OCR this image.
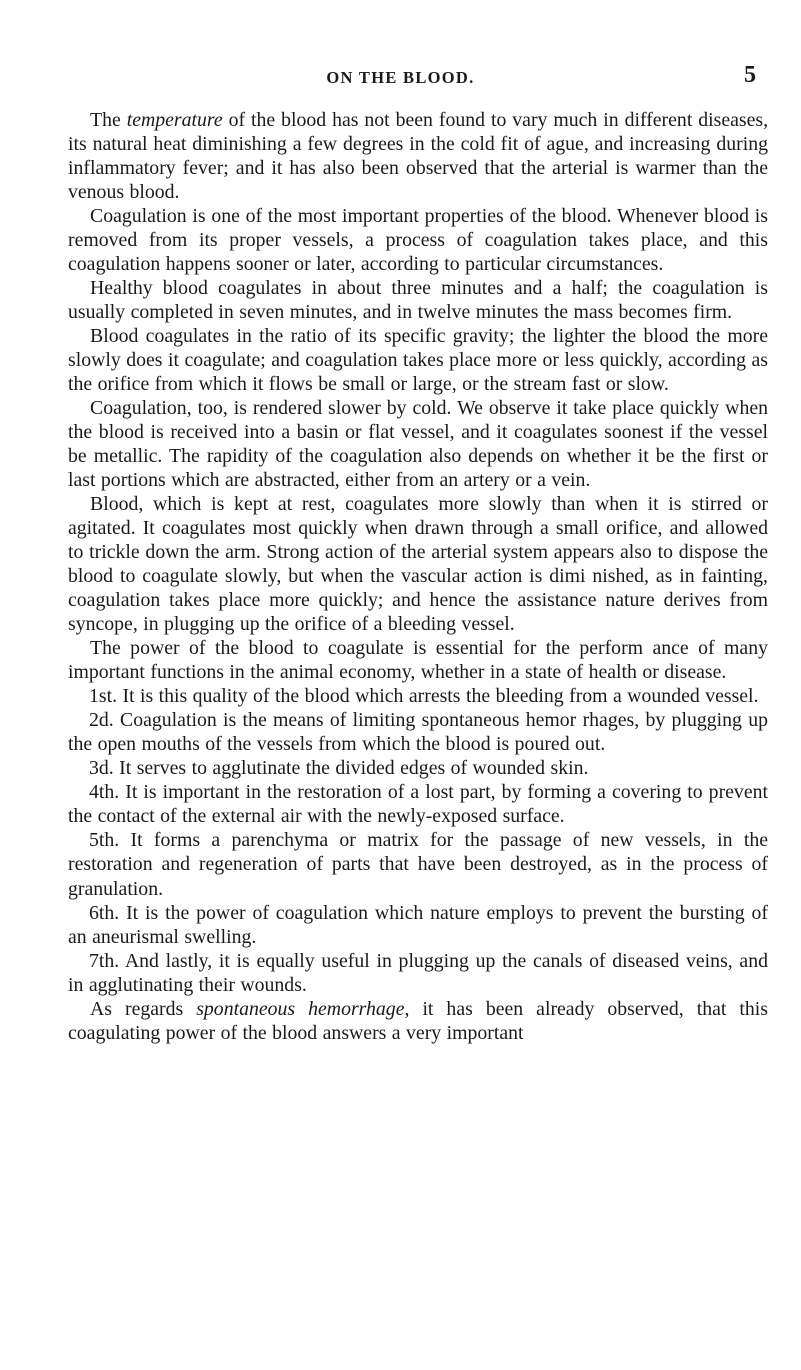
ON THE BLOOD.	5

The temperature of the blood has not been found to vary much in different diseases, its natural heat diminishing a few degrees in the cold fit of ague, and increasing during inflammatory fever; and it has also been observed that the arterial is warmer than the venous blood.

Coagulation is one of the most important properties of the blood. Whenever blood is removed from its proper vessels, a process of coagulation takes place, and this coagulation happens sooner or later, according to particular circumstances.

Healthy blood coagulates in about three minutes and a half; the coagulation is usually completed in seven minutes, and in twelve minutes the mass becomes firm.

Blood coagulates in the ratio of its specific gravity; the lighter the blood the more slowly does it coagulate; and coagulation takes place more or less quickly, according as the orifice from which it flows be small or large, or the stream fast or slow.

Coagulation, too, is rendered slower by cold. We observe it take place quickly when the blood is received into a basin or flat vessel, and it coagulates soonest if the vessel be metallic. The rapidity of the coagulation also depends on whether it be the first or last portions which are abstracted, either from an artery or a vein.

Blood, which is kept at rest, coagulates more slowly than when it is stirred or agitated. It coagulates most quickly when drawn through a small orifice, and allowed to trickle down the arm. Strong action of the arterial system appears also to dispose the blood to coagulate slowly, but when the vascular action is dimi nished, as in fainting, coagulation takes place more quickly; and hence the assistance nature derives from syncope, in plugging up the orifice of a bleeding vessel.

The power of the blood to coagulate is essential for the perform ance of many important functions in the animal economy, whether in a state of health or disease.

1st. It is this quality of the blood which arrests the bleeding from a wounded vessel.

2d. Coagulation is the means of limiting spontaneous hemor rhages, by plugging up the open mouths of the vessels from which the blood is poured out.

3d. It serves to agglutinate the divided edges of wounded skin.

4th. It is important in the restoration of a lost part, by forming a covering to prevent the contact of the external air with the newly-exposed surface.

5th. It forms a parenchyma or matrix for the passage of new vessels, in the restoration and regeneration of parts that have been destroyed, as in the process of granulation.

6th. It is the power of coagulation which nature employs to prevent the bursting of an aneurismal swelling.

7th. And lastly, it is equally useful in plugging up the canals of diseased veins, and in agglutinating their wounds.

As regards spontaneous hemorrhage, it has been already observed, that this coagulating power of the blood answers a very important
